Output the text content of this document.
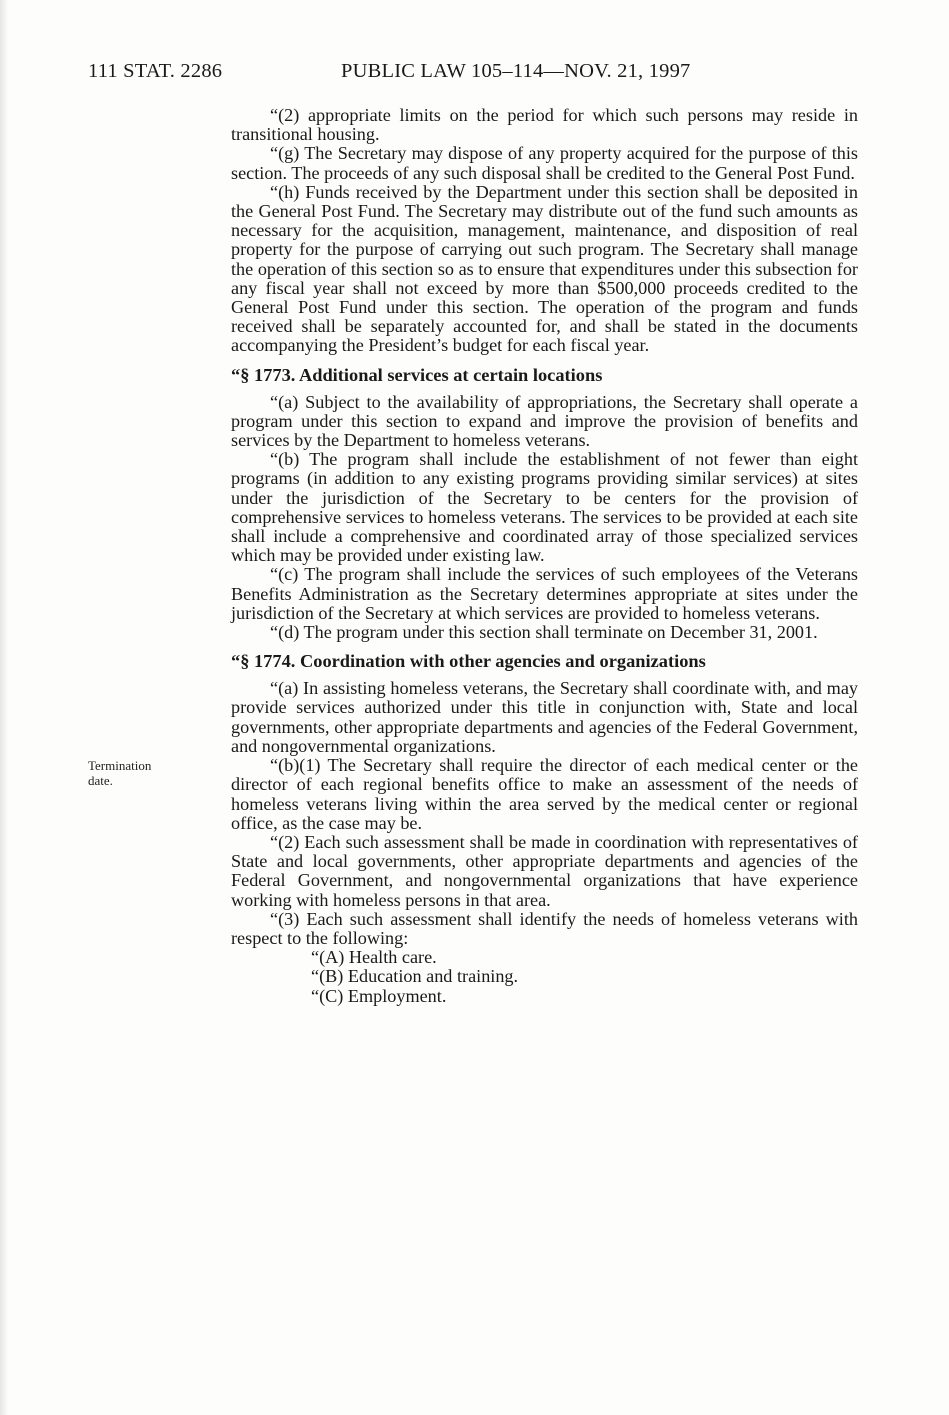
111 STAT. 2286	PUBLIC LAW 105–114—NOV. 21, 1997
Termination
date.

“(2) appropriate limits on the period for which such persons may reside in transitional housing.

“(g) The Secretary may dispose of any property acquired for the purpose of this section. The proceeds of any such disposal shall be credited to the General Post Fund.

“(h) Funds received by the Department under this section shall be deposited in the General Post Fund. The Secretary may distribute out of the fund such amounts as necessary for the acquisition, management, maintenance, and disposition of real property for the purpose of carrying out such program. The Secretary shall manage the operation of this section so as to ensure that expenditures under this subsection for any fiscal year shall not exceed by more than $500,000 proceeds credited to the General Post Fund under this section. The operation of the program and funds received shall be separately accounted for, and shall be stated in the documents accompanying the President’s budget for each fiscal year.

“§ 1773. Additional services at certain locations

“(a) Subject to the availability of appropriations, the Secretary shall operate a program under this section to expand and improve the provision of benefits and services by the Department to homeless veterans.

“(b) The program shall include the establishment of not fewer than eight programs (in addition to any existing programs providing similar services) at sites under the jurisdiction of the Secretary to be centers for the provision of comprehensive services to homeless veterans. The services to be provided at each site shall include a comprehensive and coordinated array of those specialized services which may be provided under existing law.

“(c) The program shall include the services of such employees of the Veterans Benefits Administration as the Secretary determines appropriate at sites under the jurisdiction of the Secretary at which services are provided to homeless veterans.

“(d) The program under this section shall terminate on December 31, 2001.

“§ 1774. Coordination with other agencies and organizations

“(a) In assisting homeless veterans, the Secretary shall coordinate with, and may provide services authorized under this title in conjunction with, State and local governments, other appropriate departments and agencies of the Federal Government, and nongovernmental organizations.

“(b)(1) The Secretary shall require the director of each medical center or the director of each regional benefits office to make an assessment of the needs of homeless veterans living within the area served by the medical center or regional office, as the case may be.

“(2) Each such assessment shall be made in coordination with representatives of State and local governments, other appropriate departments and agencies of the Federal Government, and nongovernmental organizations that have experience working with homeless persons in that area.

“(3) Each such assessment shall identify the needs of homeless veterans with respect to the following:

“(A) Health care.

“(B) Education and training.

“(C) Employment.
